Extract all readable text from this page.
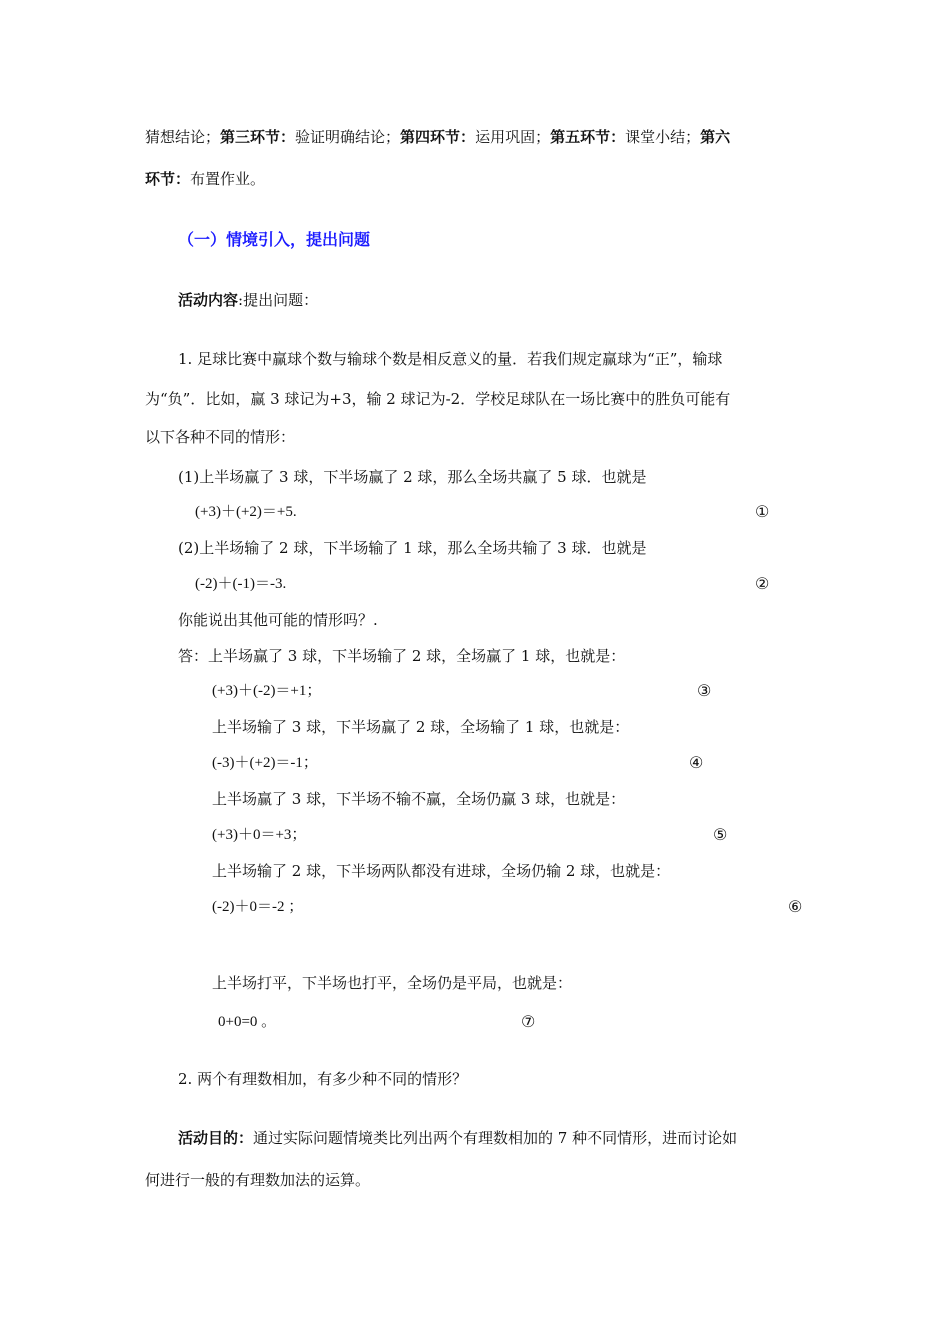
猜想结论；第三环节：验证明确结论；第四环节：运用巩固；第五环节：课堂小结；第六
环节：布置作业。
（一）情境引入，提出问题
活动内容:提出问题：
1. 足球比赛中赢球个数与输球个数是相反意义的量．若我们规定赢球为“正”，输球
为“负”．比如，赢 3 球记为+3，输 2 球记为-2．学校足球队在一场比赛中的胜负可能有
以下各种不同的情形：
(1)上半场赢了 3 球，下半场赢了 2 球，那么全场共赢了 5 球．也就是
(+3)＋(+2)＝+5.	①
(2)上半场输了 2 球，下半场输了 1 球，那么全场共输了 3 球．也就是
(-2)＋(-1)＝-3.	②
你能说出其他可能的情形吗？.
答：上半场赢了 3 球，下半场输了 2 球，全场赢了 1 球，也就是：
(+3)＋(-2)＝+1；	③
上半场输了 3 球，下半场赢了 2 球，全场输了 1 球，也就是：
(-3)＋(+2)＝-1；	④
上半场赢了 3 球，下半场不输不赢，全场仍赢 3 球，也就是：
(+3)＋0＝+3；	⑤
上半场输了 2 球，下半场两队都没有进球，全场仍输 2 球，也就是：
(-2)＋0＝-2 ；	⑥
上半场打平，下半场也打平，全场仍是平局，也就是：
0+0=0 。	⑦
2. 两个有理数相加，有多少种不同的情形？
活动目的：通过实际问题情境类比列出两个有理数相加的 7 种不同情形，进而讨论如
何进行一般的有理数加法的运算。
